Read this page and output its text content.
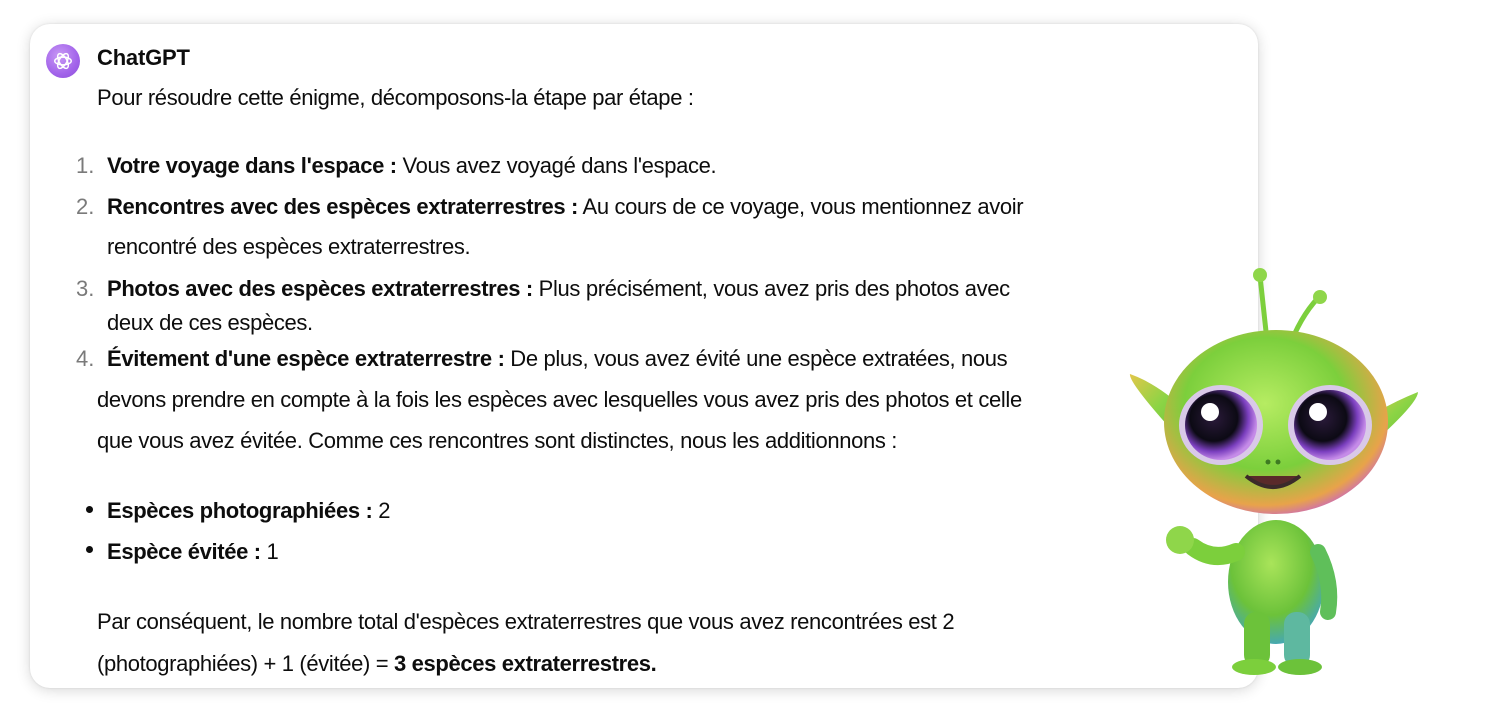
ChatGPT
Pour résoudre cette énigme, décomposons-la étape par étape :
1. Votre voyage dans l'espace : Vous avez voyagé dans l'espace.
2. Rencontres avec des espèces extraterrestres : Au cours de ce voyage, vous mentionnez avoir
rencontré des espèces extraterrestres.
3. Photos avec des espèces extraterrestres : Plus précisément, vous avez pris des photos avec
deux de ces espèces.
4. Évitement d'une espèce extraterrestre : De plus, vous avez évité une espèce extraŧées, nous
devons prendre en compte à la fois les espèces avec lesquelles vous avez pris des photos et celle
que vous avez évitée. Comme ces rencontres sont distinctes, nous les additionnons :
Espèces photographiées : 2
Espèce évitée : 1
Par conséquent, le nombre total d'espèces extraterrestres que vous avez rencontrées est 2
(photographiées) + 1 (évitée) = 3 espèces extraterrestres.
